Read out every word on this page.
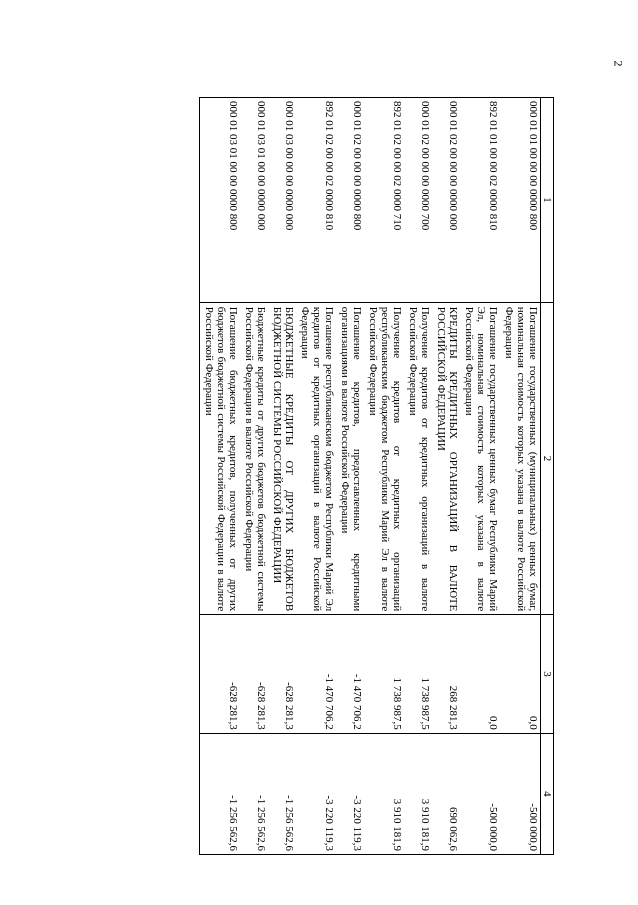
2
1	2	3	4
000 01 01 00 00 00 0000 800	Погашение государственных (муниципальных) ценных бумаг, номинальная стоимость которых указана в валюте Российской Федерации	0,0	-500 000,0
892 01 01 00 00 02 0000 810	Погашение государственных ценных бумаг Республики Марий Эл, номинальная стоимость которых указана в валюте Российской Федерации	0,0	-500 000,0
000 01 02 00 00 00 0000 000	КРЕДИТЫ КРЕДИТНЫХ ОРГАНИЗАЦИЙ В ВАЛЮТЕ РОССИЙСКОЙ ФЕДЕРАЦИИ	268 281,3	690 062,6
000 01 02 00 00 00 0000 700	Получение кредитов от кредитных организаций в валюте Российской Федерации	1 738 987,5	3 910 181,9
892 01 02 00 00 02 0000 710	Получение кредитов от кредитных организаций республиканским бюджетом Республики Марий Эл в валюте Российской Федерации	1 738 987,5	3 910 181,9
000 01 02 00 00 00 0000 800	Погашение кредитов, предоставленных кредитными организациями в валюте Российской Федерации	-1 470 706,2	-3 220 119,3
892 01 02 00 00 02 0000 810	Погашение республиканским бюджетом Республики Марий Эл кредитов от кредитных организаций в валюте Российской Федерации	-1 470 706,2	-3 220 119,3
000 01 03 00 00 00 0000 000	БЮДЖЕТНЫЕ КРЕДИТЫ ОТ ДРУГИХ БЮДЖЕТОВ БЮДЖЕТНОЙ СИСТЕМЫ РОССИЙСКОЙ ФЕДЕРАЦИИ	-628 281,3	-1 256 562,6
000 01 03 01 00 00 0000 000	Бюджетные кредиты от других бюджетов бюджетной системы Российской Федерации в валюте Российской Федерации	-628 281,3	-1 256 562,6
000 01 03 01 00 00 0000 800	Погашение бюджетных кредитов, полученных от других бюджетов бюджетной системы Российской Федерации в валюте Российской Федерации	-628 281,3	-1 256 562,6
